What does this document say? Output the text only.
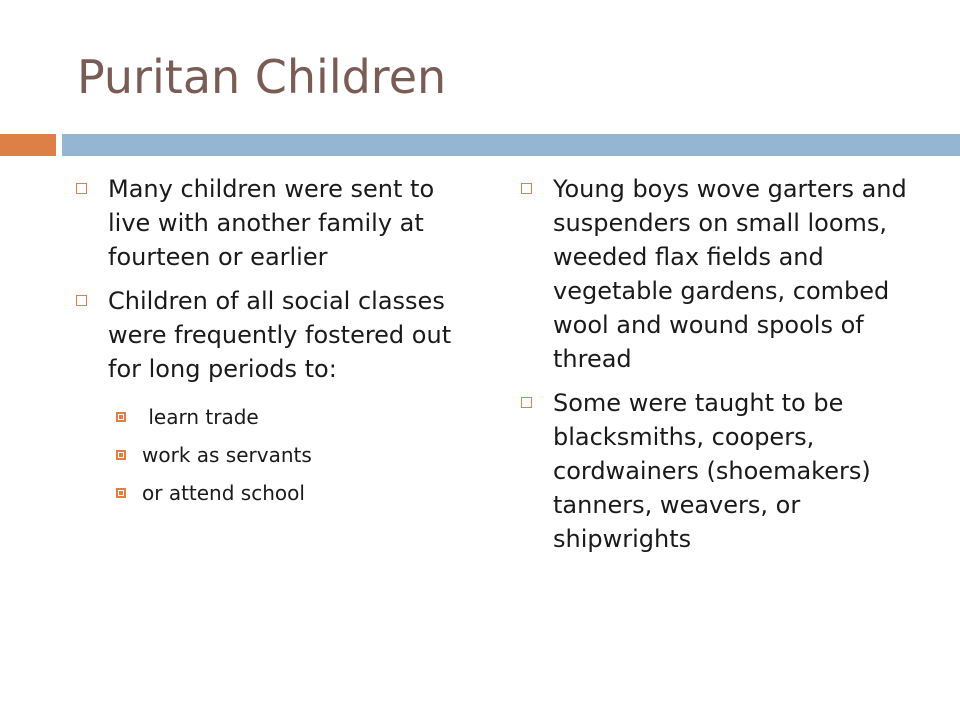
Puritan Children
Many children were sent to live with another family at fourteen or earlier
Children of all social classes were frequently fostered out for long periods to:
learn trade
work as servants
or attend school
Young boys wove garters and suspenders on small looms, weeded flax fields and vegetable gardens, combed wool and wound spools of thread
Some were taught to be blacksmiths, coopers, cordwainers (shoemakers) tanners, weavers, or shipwrights
